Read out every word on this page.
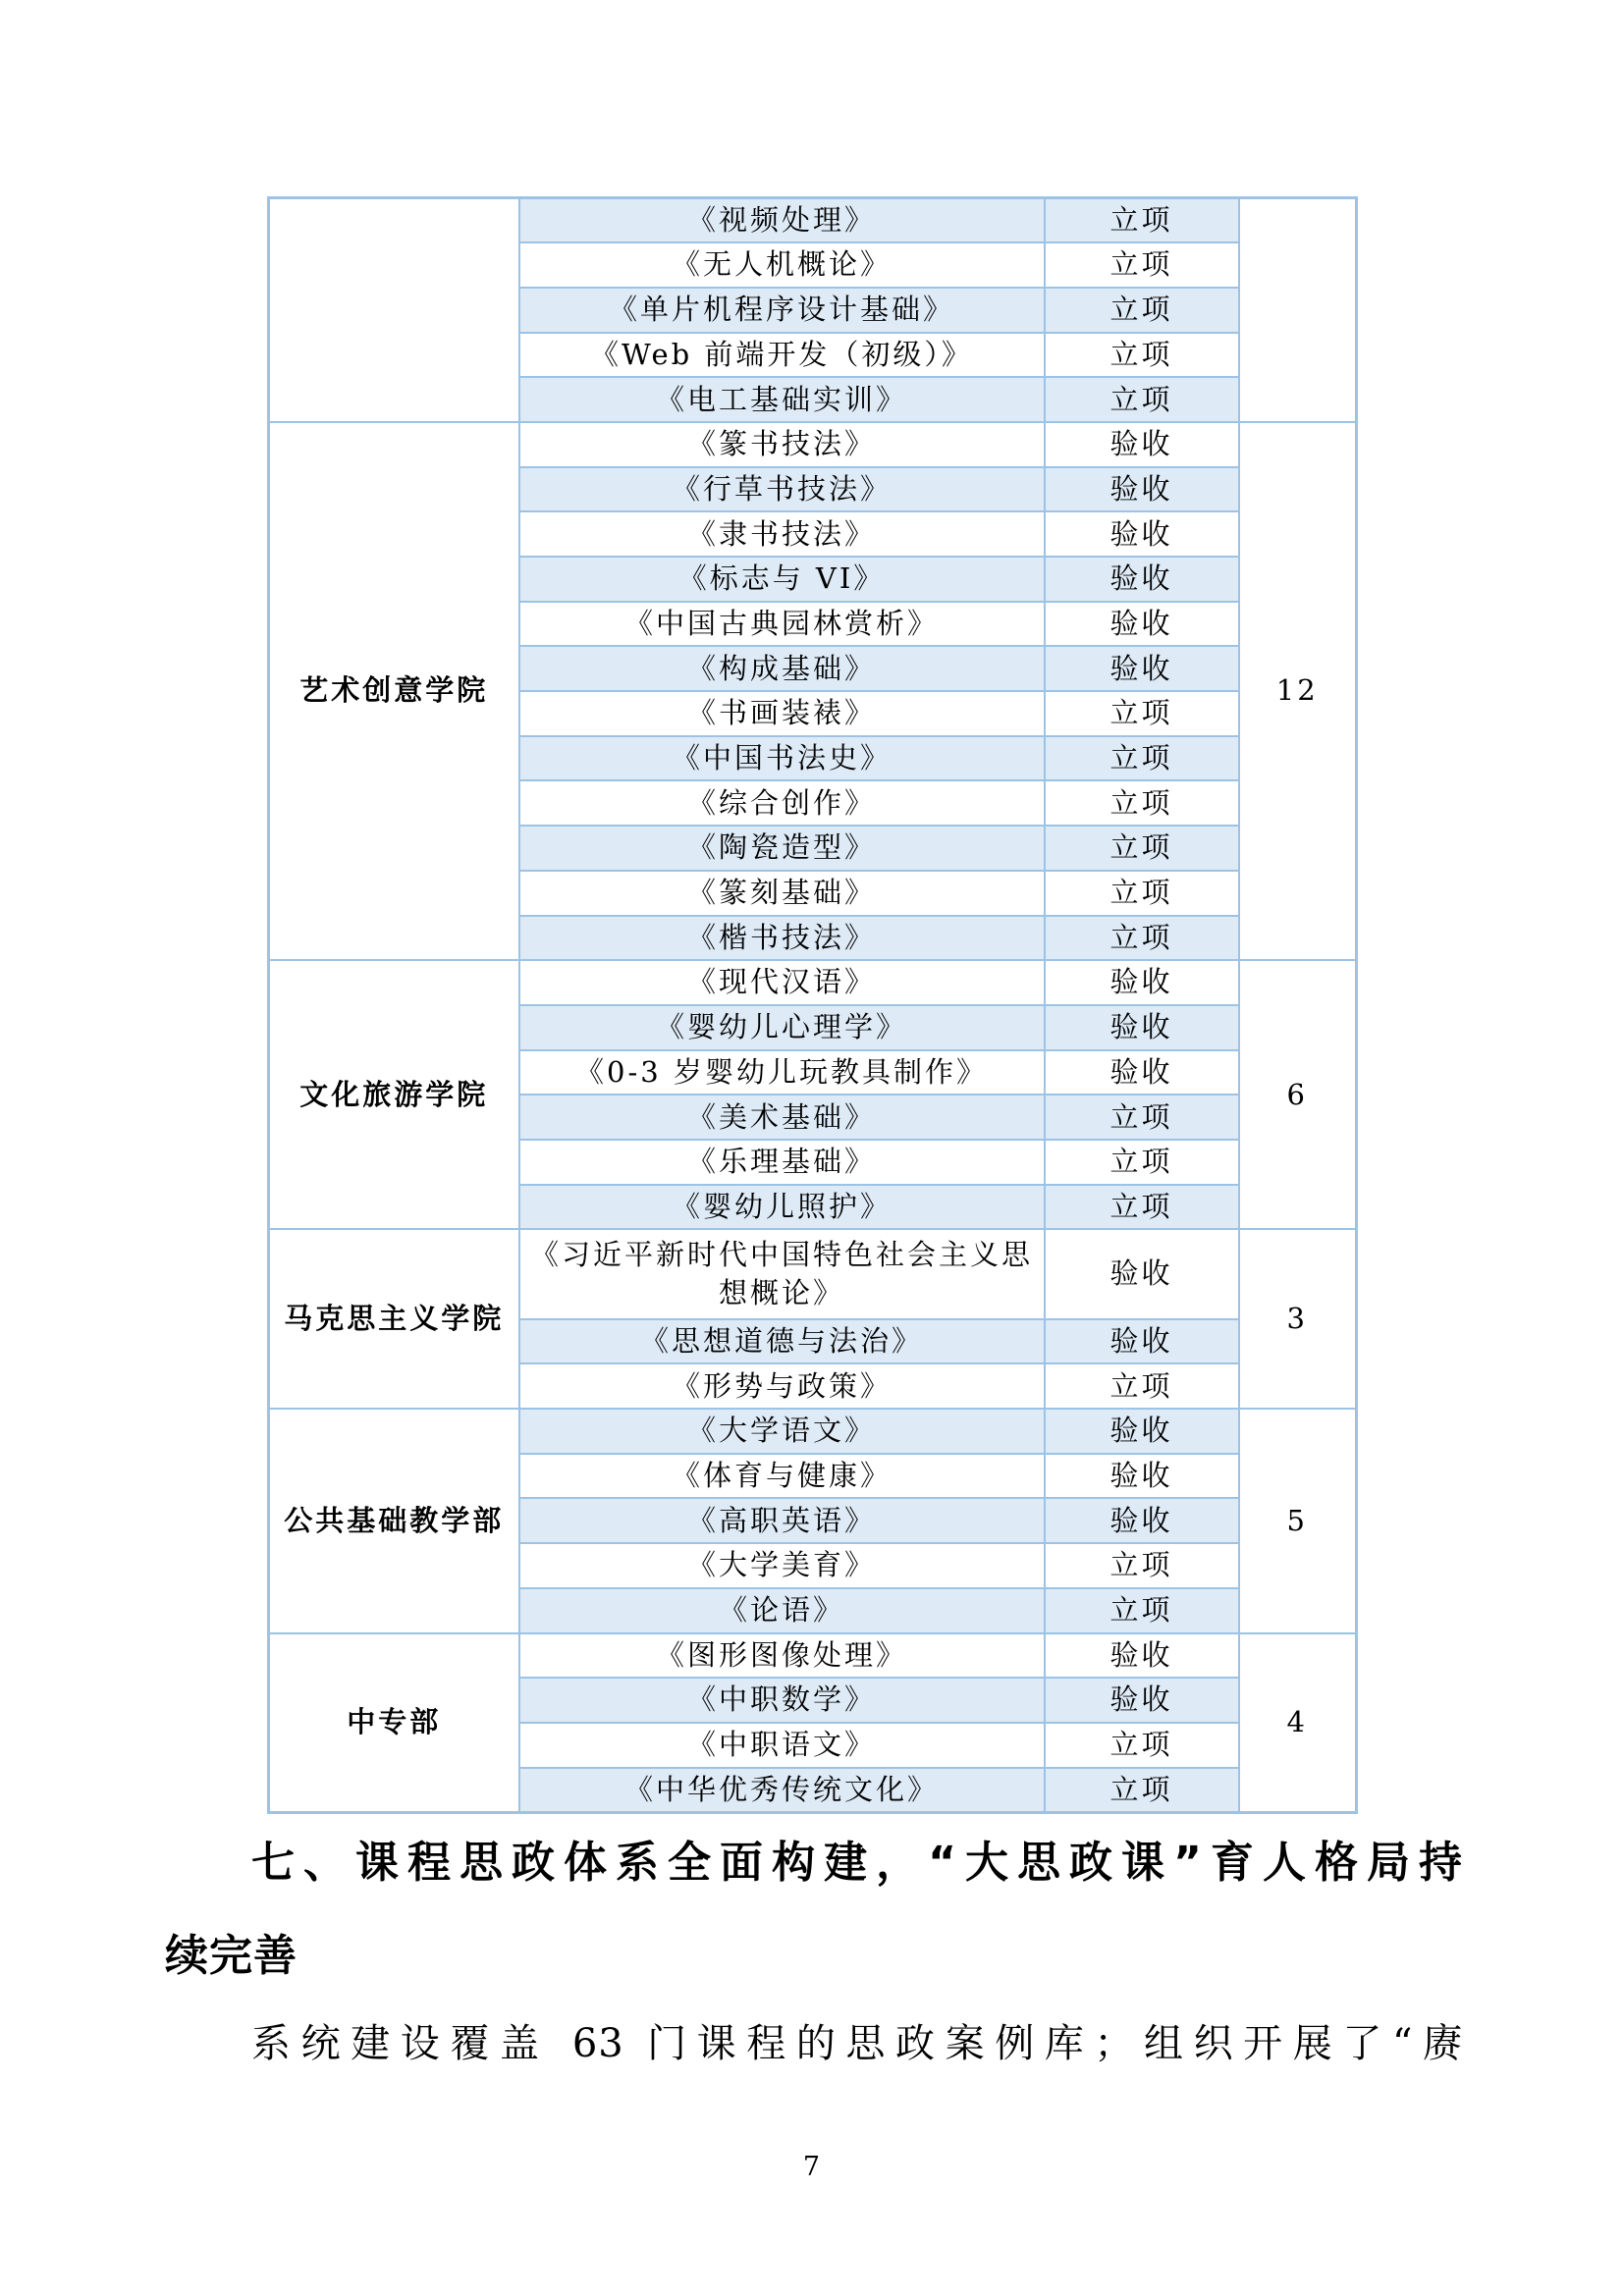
	《视频处理》	立项	
	《无人机概论》	立项	
	《单片机程序设计基础》	立项	
	《Web 前端开发（初级）》	立项	
	《电工基础实训》	立项	
艺术创意学院	《篆书技法》	验收	12
	《行草书技法》	验收	
	《隶书技法》	验收	
	《标志与 VI》	验收	
	《中国古典园林赏析》	验收	
	《构成基础》	验收	
	《书画装裱》	立项	
	《中国书法史》	立项	
	《综合创作》	立项	
	《陶瓷造型》	立项	
	《篆刻基础》	立项	
	《楷书技法》	立项	
文化旅游学院	《现代汉语》	验收	6
	《婴幼儿心理学》	验收	
	《0-3 岁婴幼儿玩教具制作》	验收	
	《美术基础》	立项	
	《乐理基础》	立项	
	《婴幼儿照护》	立项	
马克思主义学院	《习近平新时代中国特色社会主义思想概论》	验收	3
	《思想道德与法治》	验收	
	《形势与政策》	立项	
公共基础教学部	《大学语文》	验收	5
	《体育与健康》	验收	
	《高职英语》	验收	
	《大学美育》	立项	
	《论语》	立项	
中专部	《图形图像处理》	验收	4
	《中职数学》	验收	
	《中职语文》	立项	
	《中华优秀传统文化》	立项	
七、课程思政体系全面构建，“大思政课”育人格局持
续完善
系统建设覆盖 63 门课程的思政案例库；组织开展了“赓
7
